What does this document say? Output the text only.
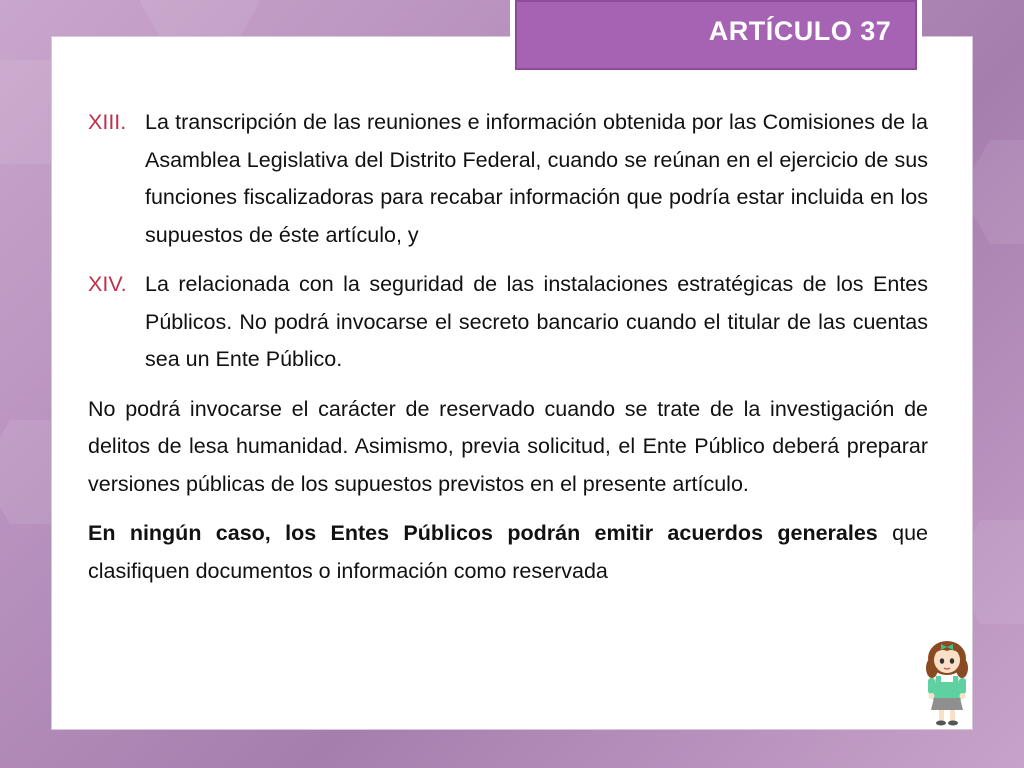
ARTÍCULO 37
XIII. La transcripción de las reuniones e información obtenida por las Comisiones de la Asamblea Legislativa del Distrito Federal, cuando se reúnan en el ejercicio de sus funciones fiscalizadoras para recabar información que podría estar incluida en los supuestos de éste artículo, y
XIV. La relacionada con la seguridad de las instalaciones estratégicas de los Entes Públicos. No podrá invocarse el secreto bancario cuando el titular de las cuentas sea un Ente Público.
No podrá invocarse el carácter de reservado cuando se trate de la investigación de delitos de lesa humanidad. Asimismo, previa solicitud, el Ente Público deberá preparar versiones públicas de los supuestos previstos en el presente artículo.
En ningún caso, los Entes Públicos podrán emitir acuerdos generales que clasifiquen documentos o información como reservada
